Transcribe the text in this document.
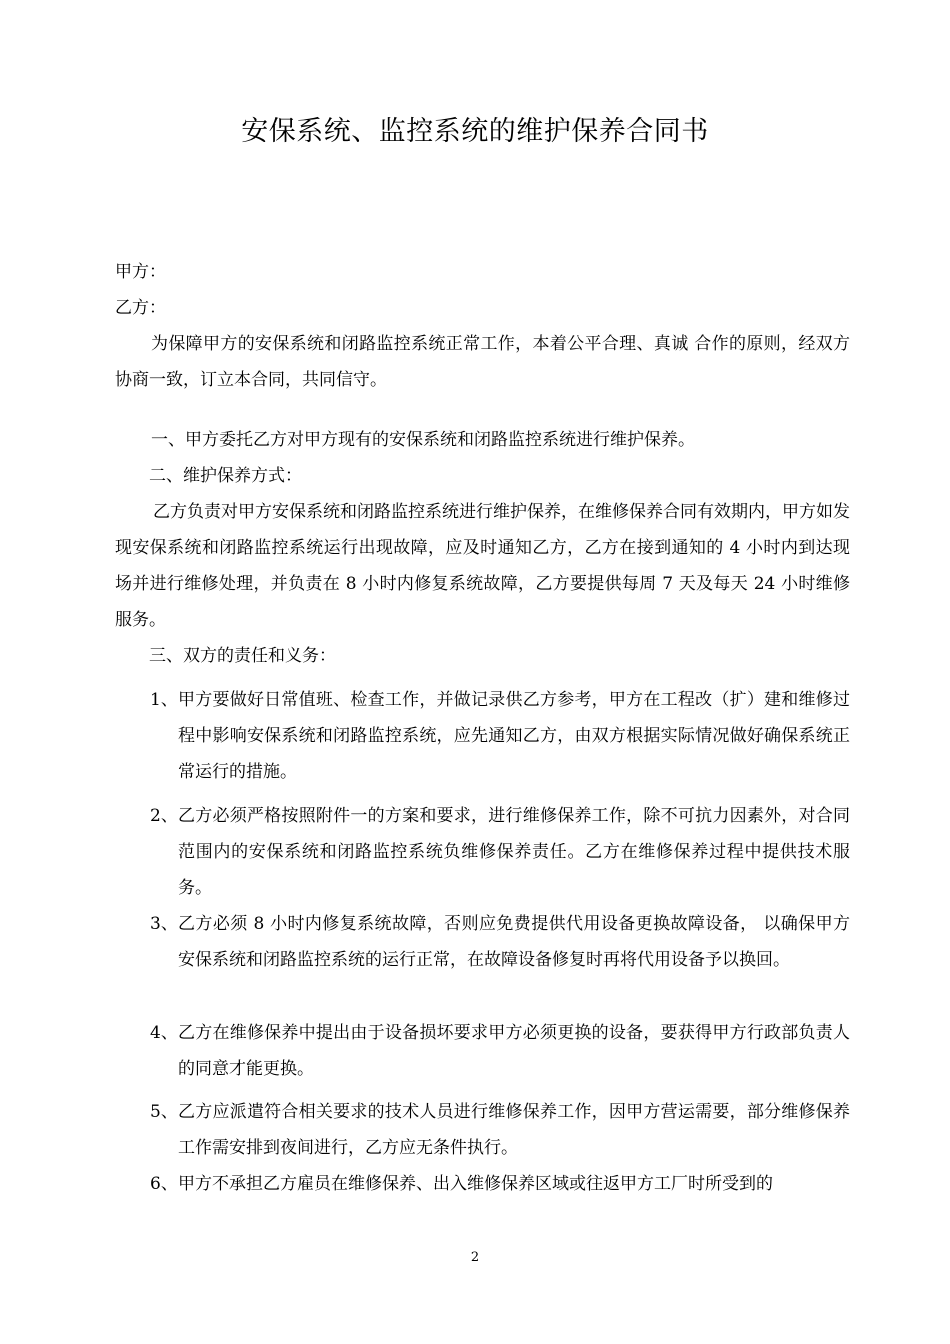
安保系统、监控系统的维护保养合同书
甲方：
乙方：
为保障甲方的安保系统和闭路监控系统正常工作，本着公平合理、真诚 合作的原则，经双方协商一致，订立本合同，共同信守。
一、甲方委托乙方对甲方现有的安保系统和闭路监控系统进行维护保养。
二、维护保养方式：
乙方负责对甲方安保系统和闭路监控系统进行维护保养，在维修保养合同有效期内，甲方如发现安保系统和闭路监控系统运行出现故障，应及时通知乙方，乙方在接到通知的 4 小时内到达现场并进行维修处理，并负责在 8 小时内修复系统故障，乙方要提供每周 7 天及每天 24 小时维修服务。
三、双方的责任和义务：
1、 甲方要做好日常值班、检查工作，并做记录供乙方参考，甲方在工程改（扩）建和维修过程中影响安保系统和闭路监控系统，应先通知乙方，由双方根据实际情况做好确保系统正常运行的措施。
2、 乙方必须严格按照附件一的方案和要求，进行维修保养工作，除不可抗力因素外，对合同范围内的安保系统和闭路监控系统负维修保养责任。乙方在维修保养过程中提供技术服务。
3、 乙方必须 8 小时内修复系统故障，否则应免费提供代用设备更换故障设备， 以确保甲方安保系统和闭路监控系统的运行正常，在故障设备修复时再将代用设备予以换回。
4、 乙方在维修保养中提出由于设备损坏要求甲方必须更换的设备，要获得甲方行政部负责人的同意才能更换。
5、 乙方应派遣符合相关要求的技术人员进行维修保养工作，因甲方营运需要，部分维修保养工作需安排到夜间进行，乙方应无条件执行。
6、 甲方不承担乙方雇员在维修保养、出入维修保养区域或往返甲方工厂时所受到的
2
